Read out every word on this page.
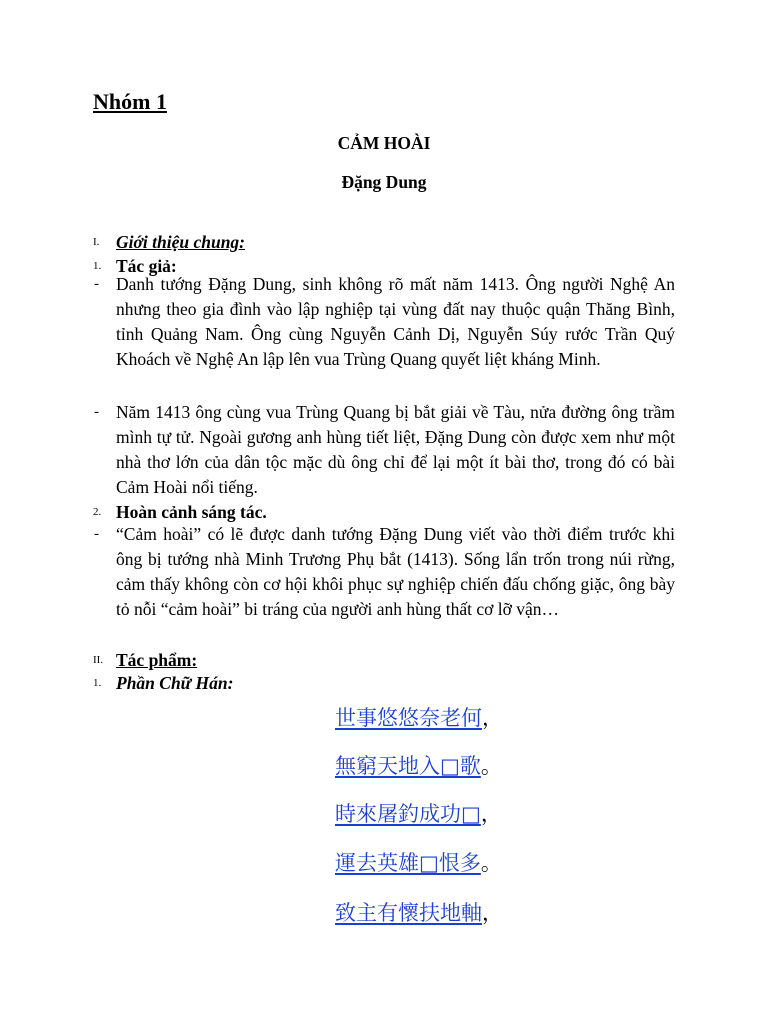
Nhóm 1
CẢM HOÀI
Đặng Dung
I. Giới thiệu chung:
1. Tác giả:
- Danh tướng Đặng Dung, sinh không rõ mất năm 1413. Ông người Nghệ An nhưng theo gia đình vào lập nghiệp tại vùng đất nay thuộc quận Thăng Bình, tỉnh Quảng Nam. Ông cùng Nguyễn Cảnh Dị, Nguyễn Súy rước Trần Quý Khoách về Nghệ An lập lên vua Trùng Quang quyết liệt kháng Minh.
- Năm 1413 ông cùng vua Trùng Quang bị bắt giải về Tàu, nửa đường ông trầm mình tự tử. Ngoài gương anh hùng tiết liệt, Đặng Dung còn được xem như một nhà thơ lớn của dân tộc mặc dù ông chỉ để lại một ít bài thơ, trong đó có bài Cảm Hoài nổi tiếng.
2. Hoàn cảnh sáng tác.
- “Cảm hoài” có lẽ được danh tướng Đặng Dung viết vào thời điểm trước khi ông bị tướng nhà Minh Trương Phụ bắt (1413). Sống lẩn trốn trong núi rừng, cảm thấy không còn cơ hội khôi phục sự nghiệp chiến đấu chống giặc, ông bày tỏ nỗi “cảm hoài” bi tráng của người anh hùng thất cơ lỡ vận…
II. Tác phẩm:
1. Phần Chữ Hán:
世事悠悠奈老何，
無窮天地入□歌。
時來屠釣成功□，
運去英雄□恨多。
致主有懷扶地軸，
